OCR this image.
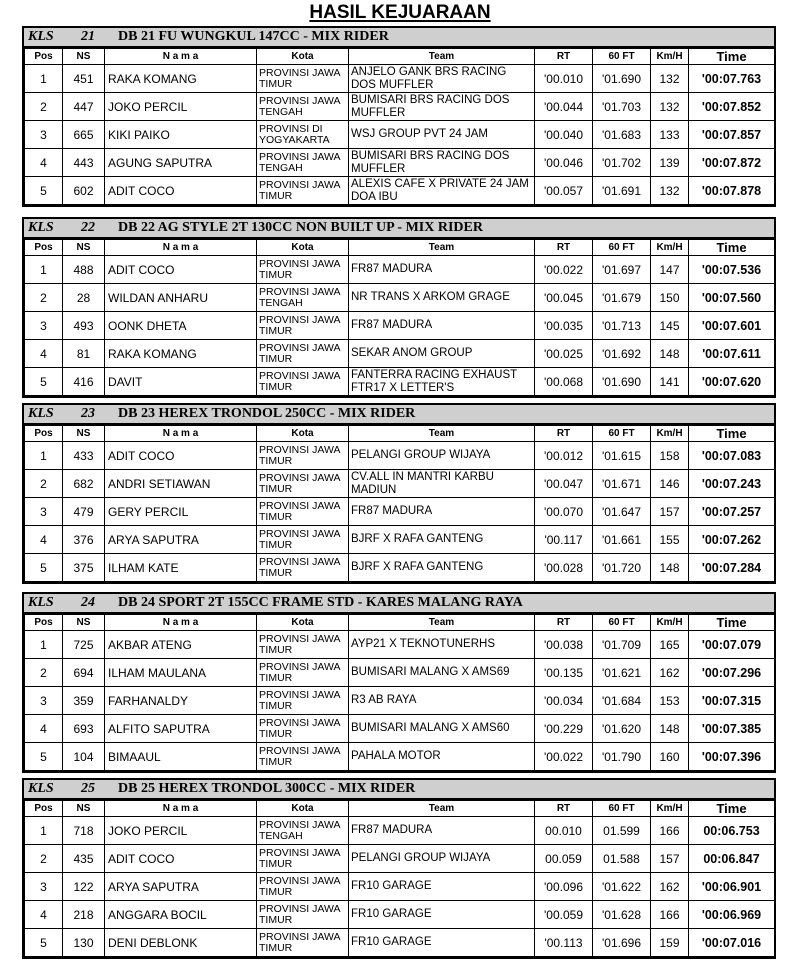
HASIL KEJUARAAN
KLS	21	DB 21 FU WUNGKUL 147CC - MIX RIDER
Pos	NS	N a m a	Kota	Team	RT	60 FT	Km/H	Time
1	451	RAKA KOMANG	PROVINSI JAWA TIMUR	ANJELO GANK BRS RACING DOS MUFFLER	'00.010	'01.690	132	'00:07.763
2	447	JOKO PERCIL	PROVINSI JAWA TENGAH	BUMISARI BRS RACING DOS MUFFLER	'00.044	'01.703	132	'00:07.852
3	665	KIKI PAIKO	PROVINSI DI YOGYAKARTA	WSJ GROUP PVT 24 JAM	'00.040	'01.683	133	'00:07.857
4	443	AGUNG SAPUTRA	PROVINSI JAWA TENGAH	BUMISARI BRS RACING DOS MUFFLER	'00.046	'01.702	139	'00:07.872
5	602	ADIT COCO	PROVINSI JAWA TIMUR	ALEXIS CAFE X PRIVATE 24 JAM DOA IBU	'00.057	'01.691	132	'00:07.878
KLS	22	DB 22 AG STYLE 2T 130CC NON BUILT UP - MIX RIDER
Pos	NS	N a m a	Kota	Team	RT	60 FT	Km/H	Time
1	488	ADIT COCO	PROVINSI JAWA TIMUR	FR87 MADURA	'00.022	'01.697	147	'00:07.536
2	28	WILDAN ANHARU	PROVINSI JAWA TENGAH	NR TRANS X ARKOM GRAGE	'00.045	'01.679	150	'00:07.560
3	493	OONK DHETA	PROVINSI JAWA TIMUR	FR87 MADURA	'00.035	'01.713	145	'00:07.601
4	81	RAKA KOMANG	PROVINSI JAWA TIMUR	SEKAR ANOM GROUP	'00.025	'01.692	148	'00:07.611
5	416	DAVIT	PROVINSI JAWA TIMUR	FANTERRA RACING EXHAUST FTR17 X LETTER'S	'00.068	'01.690	141	'00:07.620
KLS	23	DB 23 HEREX TRONDOL 250CC - MIX RIDER
Pos	NS	N a m a	Kota	Team	RT	60 FT	Km/H	Time
1	433	ADIT COCO	PROVINSI JAWA TIMUR	PELANGI GROUP WIJAYA	'00.012	'01.615	158	'00:07.083
2	682	ANDRI SETIAWAN	PROVINSI JAWA TIMUR	CV.ALL IN MANTRI KARBU MADIUN	'00.047	'01.671	146	'00:07.243
3	479	GERY PERCIL	PROVINSI JAWA TIMUR	FR87 MADURA	'00.070	'01.647	157	'00:07.257
4	376	ARYA SAPUTRA	PROVINSI JAWA TIMUR	BJRF X RAFA GANTENG	'00.117	'01.661	155	'00:07.262
5	375	ILHAM KATE	PROVINSI JAWA TIMUR	BJRF X RAFA GANTENG	'00.028	'01.720	148	'00:07.284
KLS	24	DB 24 SPORT 2T 155CC FRAME STD - KARES MALANG RAYA
Pos	NS	N a m a	Kota	Team	RT	60 FT	Km/H	Time
1	725	AKBAR ATENG	PROVINSI JAWA TIMUR	AYP21 X TEKNOTUNERHS	'00.038	'01.709	165	'00:07.079
2	694	ILHAM MAULANA	PROVINSI JAWA TIMUR	BUMISARI MALANG X AMS69	'00.135	'01.621	162	'00:07.296
3	359	FARHANALDY	PROVINSI JAWA TIMUR	R3 AB RAYA	'00.034	'01.684	153	'00:07.315
4	693	ALFITO SAPUTRA	PROVINSI JAWA TIMUR	BUMISARI MALANG X AMS60	'00.229	'01.620	148	'00:07.385
5	104	BIMAAUL	PROVINSI JAWA TIMUR	PAHALA MOTOR	'00.022	'01.790	160	'00:07.396
KLS	25	DB 25 HEREX TRONDOL 300CC - MIX RIDER
Pos	NS	N a m a	Kota	Team	RT	60 FT	Km/H	Time
1	718	JOKO PERCIL	PROVINSI JAWA TENGAH	FR87 MADURA	00.010	01.599	166	00:06.753
2	435	ADIT COCO	PROVINSI JAWA TIMUR	PELANGI GROUP WIJAYA	00.059	01.588	157	00:06.847
3	122	ARYA SAPUTRA	PROVINSI JAWA TIMUR	FR10 GARAGE	'00.096	'01.622	162	'00:06.901
4	218	ANGGARA BOCIL	PROVINSI JAWA TIMUR	FR10 GARAGE	'00.059	'01.628	166	'00:06.969
5	130	DENI DEBLONK	PROVINSI JAWA TIMUR	FR10 GARAGE	'00.113	'01.696	159	'00:07.016
